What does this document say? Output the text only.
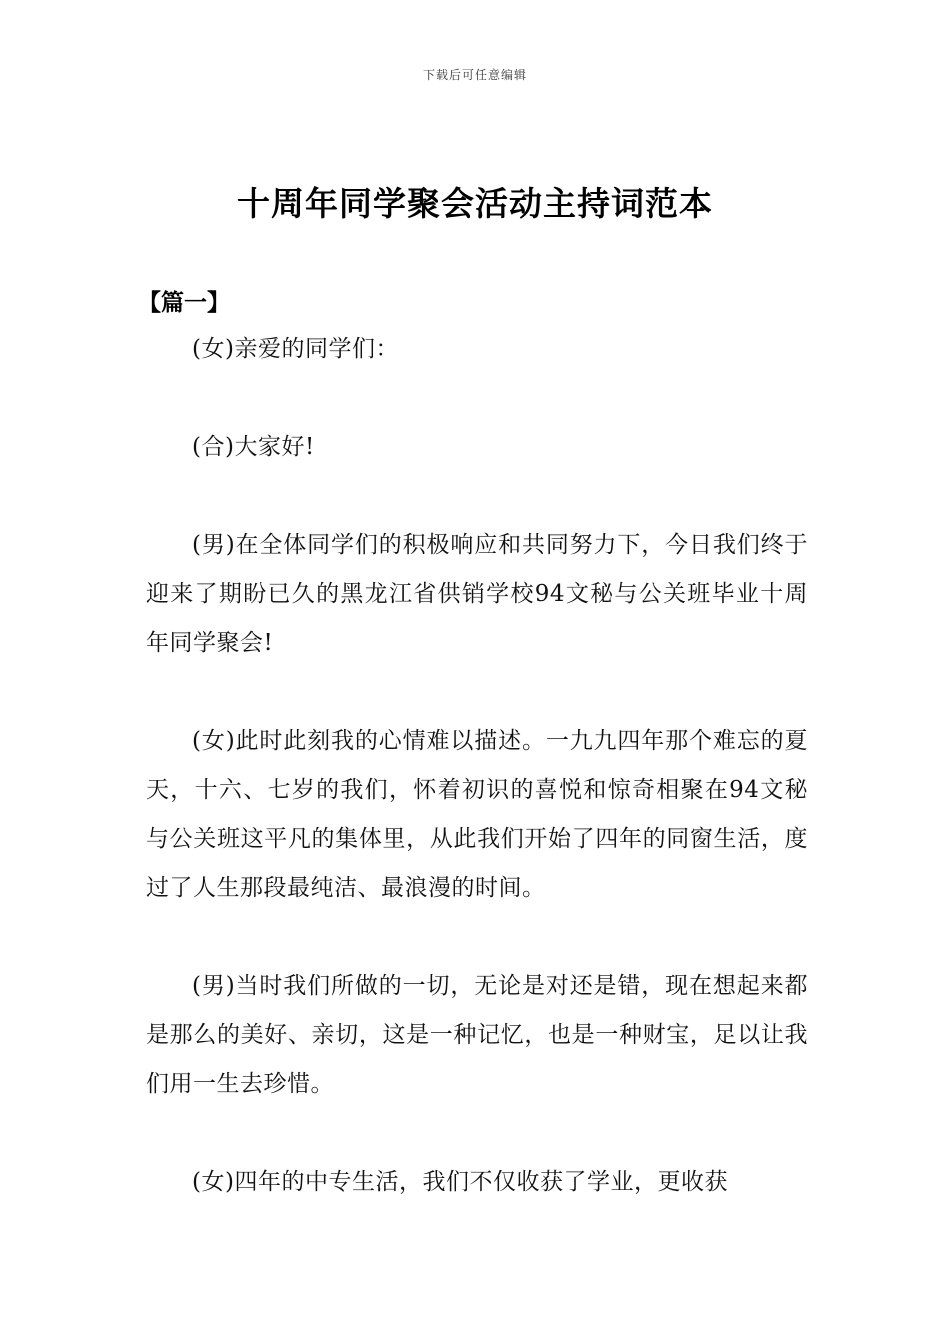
下载后可任意编辑
十周年同学聚会活动主持词范本
【篇一】

(女)亲爱的同学们：

(合)大家好!

(男)在全体同学们的积极响应和共同努力下，今日我们终于迎来了期盼已久的黑龙江省供销学校94文秘与公关班毕业十周年同学聚会!

(女)此时此刻我的心情难以描述。一九九四年那个难忘的夏天，十六、七岁的我们，怀着初识的喜悦和惊奇相聚在94文秘与公关班这平凡的集体里，从此我们开始了四年的同窗生活，度过了人生那段最纯洁、最浪漫的时间。

(男)当时我们所做的一切，无论是对还是错，现在想起来都是那么的美好、亲切，这是一种记忆，也是一种财宝，足以让我们用一生去珍惜。

(女)四年的中专生活，我们不仅收获了学业，更收获
